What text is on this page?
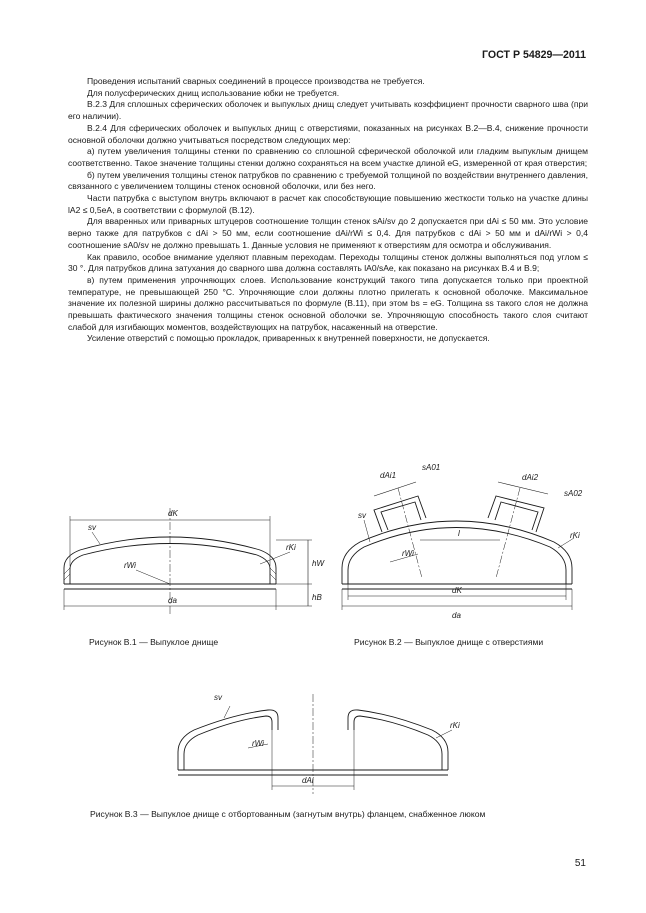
ГОСТ Р 54829—2011

Проведения испытаний сварных соединений в процессе производства не требуется.

Для полусферических днищ использование юбки не требуется.

B.2.3 Для сплошных сферических оболочек и выпуклых днищ следует учитывать коэффициент прочности сварного шва (при его наличии).

B.2.4 Для сферических оболочек и выпуклых днищ с отверстиями, показанных на рисунках B.2—B.4, снижение прочности основной оболочки должно учитываться посредством следующих мер:

а) путем увеличения толщины стенки по сравнению со сплошной сферической оболочкой или гладким выпуклым днищем соответственно. Такое значение толщины стенки должно сохраняться на всем участке длиной eG, измеренной от края отверстия;

б) путем увеличения толщины стенок патрубков по сравнению с требуемой толщиной по воздействии внутреннего давления, связанного с увеличением толщины стенок основной оболочки, или без него.

Части патрубка с выступом внутрь включают в расчет как способствующие повышению жесткости только на участке длины lA2 ≤ 0,5eA, в соответствии с формулой (B.12).

Для вваренных или приварных штуцеров соотношение толщин стенок sAi/sv до 2 допускается при dAi ≤ 50 мм. Это условие верно также для патрубков с dAi > 50 мм, если соотношение dAi/rWi ≤ 0,4. Для патрубков с dAi > 50 мм и dAi/rWi > 0,4 соотношение sA0/sv не должно превышать 1. Данные условия не применяют к отверстиям для осмотра и обслуживания.

Как правило, особое внимание уделяют плавным переходам. Переходы толщины стенок должны выполняться под углом ≤ 30 °. Для патрубков длина затухания до сварного шва должна составлять lA0/sAe, как показано на рисунках B.4 и B.9;

в) путем применения упрочняющих слоев. Использование конструкций такого типа допускается только при проектной температуре, не превышающей 250 °C. Упрочняющие слои должны плотно прилегать к основной оболочке. Максимальное значение их полезной ширины должно рассчитываться по формуле (B.11), при этом bs = eG. Толщина ss такого слоя не должна превышать фактического значения толщины стенок основной оболочки se. Упрочняющую способность такого слоя считают слабой для изгибающих моментов, воздействующих на патрубок, насаженный на отверстие.

Усиление отверстий с помощью прокладок, приваренных к внутренней поверхности, не допускается.

dK
sv
rWi
rKi
hW
hB
da
Рисунок B.1 — Выпуклое днище
dAi1
sA01
dAi2
sA02
sv
rWi
l	rKi
dK
da
Рисунок B.2 — Выпуклое днище с отверстиями
sv
rWi
rKi
dAi
Рисунок B.3 — Выпуклое днище с отбортованным (загнутым внутрь) фланцем, снабженное люком
51
